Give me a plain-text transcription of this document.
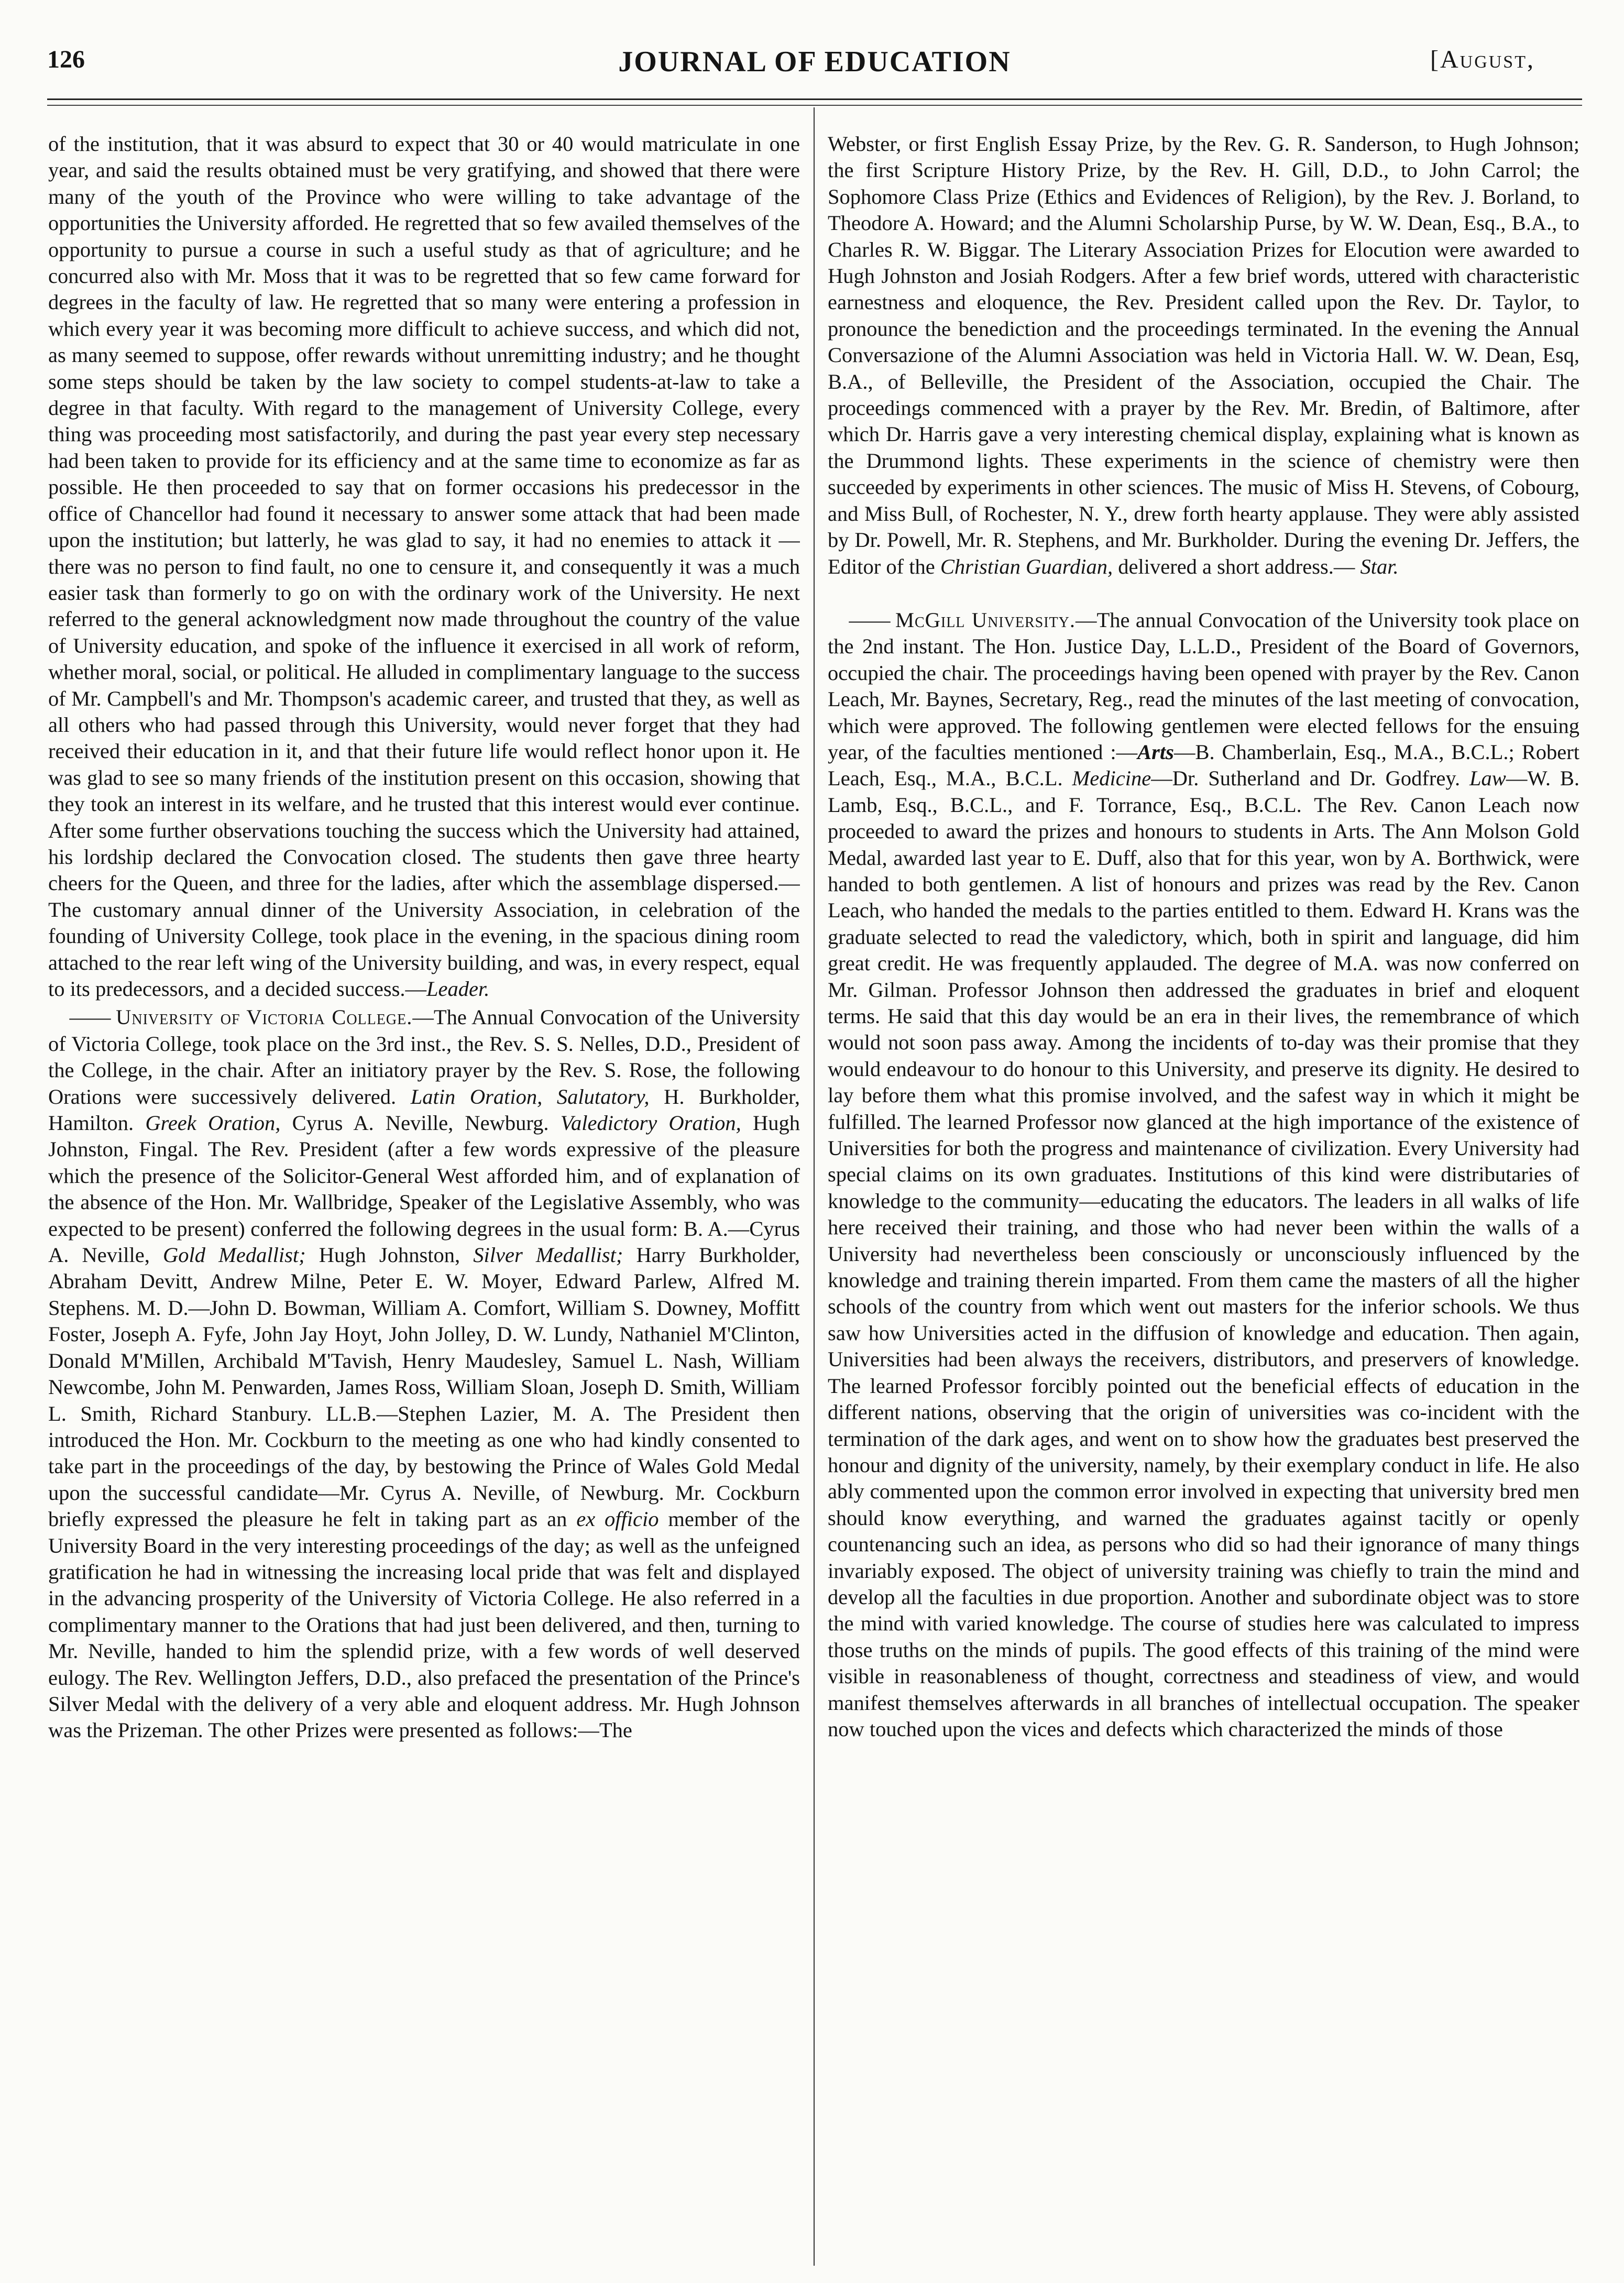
126	JOURNAL OF EDUCATION	[August,

of the institution, that it was absurd to expect that 30 or 40 would matriculate in one year, and said the results obtained must be very gratifying, and showed that there were many of the youth of the Province who were willing to take advantage of the opportunities the University afforded. He regretted that so few availed themselves of the opportunity to pursue a course in such a useful study as that of agriculture; and he concurred also with Mr. Moss that it was to be regretted that so few came forward for degrees in the faculty of law. He regretted that so many were entering a profession in which every year it was becoming more difficult to achieve success, and which did not, as many seemed to suppose, offer rewards without unremitting industry; and he thought some steps should be taken by the law society to compel students-at-law to take a degree in that faculty. With regard to the management of University College, every thing was proceeding most satisfactorily, and during the past year every step necessary had been taken to provide for its efficiency and at the same time to economize as far as possible. He then proceeded to say that on former occasions his predecessor in the office of Chancellor had found it necessary to answer some attack that had been made upon the institution; but latterly, he was glad to say, it had no enemies to attack it —there was no person to find fault, no one to censure it, and consequently it was a much easier task than formerly to go on with the ordinary work of the University. He next referred to the general acknowledgment now made throughout the country of the value of University education, and spoke of the influence it exercised in all work of reform, whether moral, social, or political. He alluded in complimentary language to the success of Mr. Campbell's and Mr. Thompson's academic career, and trusted that they, as well as all others who had passed through this University, would never forget that they had received their education in it, and that their future life would reflect honor upon it. He was glad to see so many friends of the institution present on this occasion, showing that they took an interest in its welfare, and he trusted that this interest would ever continue. After some further observations touching the success which the University had attained, his lordship declared the Convocation closed. The students then gave three hearty cheers for the Queen, and three for the ladies, after which the assemblage dispersed.—The customary annual dinner of the University Association, in celebration of the founding of University College, took place in the evening, in the spacious dining room attached to the rear left wing of the University building, and was, in every respect, equal to its predecessors, and a decided success.—Leader.

 —— University of Victoria College.—The Annual Convocation of the University of Victoria College, took place on the 3rd inst., the Rev. S. S. Nelles, D.D., President of the College, in the chair. After an initiatory prayer by the Rev. S. Rose, the following Orations were successively delivered. Latin Oration, Salutatory, H. Burkholder, Hamilton. Greek Oration, Cyrus A. Neville, Newburg. Valedictory Oration, Hugh Johnston, Fingal. The Rev. President (after a few words expressive of the pleasure which the presence of the Solicitor-General West afforded him, and of explanation of the absence of the Hon. Mr. Wallbridge, Speaker of the Legislative Assembly, who was expected to be present) conferred the following degrees in the usual form: B. A.—Cyrus A. Neville, Gold Medallist; Hugh Johnston, Silver Medallist; Harry Burkholder, Abraham Devitt, Andrew Milne, Peter E. W. Moyer, Edward Parlew, Alfred M. Stephens. M. D.—John D. Bowman, William A. Comfort, William S. Downey, Moffitt Foster, Joseph A. Fyfe, John Jay Hoyt, John Jolley, D. W. Lundy, Nathaniel M'Clinton, Donald M'Millen, Archibald M'Tavish, Henry Maudesley, Samuel L. Nash, William Newcombe, John M. Penwarden, James Ross, William Sloan, Joseph D. Smith, William L. Smith, Richard Stanbury. LL.B.—Stephen Lazier, M. A. The President then introduced the Hon. Mr. Cockburn to the meeting as one who had kindly consented to take part in the proceedings of the day, by bestowing the Prince of Wales Gold Medal upon the successful candidate—Mr. Cyrus A. Neville, of Newburg. Mr. Cockburn briefly expressed the pleasure he felt in taking part as an ex officio member of the University Board in the very interesting proceedings of the day; as well as the unfeigned gratification he had in witnessing the increasing local pride that was felt and displayed in the advancing prosperity of the University of Victoria College. He also referred in a complimentary manner to the Orations that had just been delivered, and then, turning to Mr. Neville, handed to him the splendid prize, with a few words of well deserved eulogy. The Rev. Wellington Jeffers, D.D., also prefaced the presentation of the Prince's Silver Medal with the delivery of a very able and eloquent address. Mr. Hugh Johnson was the Prizeman. The other Prizes were presented as follows:—The

Webster, or first English Essay Prize, by the Rev. G. R. Sanderson, to Hugh Johnson; the first Scripture History Prize, by the Rev. H. Gill, D.D., to John Carrol; the Sophomore Class Prize (Ethics and Evidences of Religion), by the Rev. J. Borland, to Theodore A. Howard; and the Alumni Scholarship Purse, by W. W. Dean, Esq., B.A., to Charles R. W. Biggar. The Literary Association Prizes for Elocution were awarded to Hugh Johnston and Josiah Rodgers. After a few brief words, uttered with characteristic earnestness and eloquence, the Rev. President called upon the Rev. Dr. Taylor, to pronounce the benediction and the proceedings terminated. In the evening the Annual Conversazione of the Alumni Association was held in Victoria Hall. W. W. Dean, Esq, B.A., of Belleville, the President of the Association, occupied the Chair. The proceedings commenced with a prayer by the Rev. Mr. Bredin, of Baltimore, after which Dr. Harris gave a very interesting chemical display, explaining what is known as the Drummond lights. These experiments in the science of chemistry were then succeeded by experiments in other sciences. The music of Miss H. Stevens, of Cobourg, and Miss Bull, of Rochester, N. Y., drew forth hearty applause. They were ably assisted by Dr. Powell, Mr. R. Stephens, and Mr. Burkholder. During the evening Dr. Jeffers, the Editor of the Christian Guardian, delivered a short address.— Star.

 —— McGill University.—The annual Convocation of the University took place on the 2nd instant. The Hon. Justice Day, L.L.D., President of the Board of Governors, occupied the chair. The proceedings having been opened with prayer by the Rev. Canon Leach, Mr. Baynes, Secretary, Reg., read the minutes of the last meeting of convocation, which were approved. The following gentlemen were elected fellows for the ensuing year, of the faculties mentioned :—Arts—B. Chamberlain, Esq., M.A., B.C.L.; Robert Leach, Esq., M.A., B.C.L. Medicine—Dr. Sutherland and Dr. Godfrey. Law—W. B. Lamb, Esq., B.C.L., and F. Torrance, Esq., B.C.L. The Rev. Canon Leach now proceeded to award the prizes and honours to students in Arts. The Ann Molson Gold Medal, awarded last year to E. Duff, also that for this year, won by A. Borthwick, were handed to both gentlemen. A list of honours and prizes was read by the Rev. Canon Leach, who handed the medals to the parties entitled to them. Edward H. Krans was the graduate selected to read the valedictory, which, both in spirit and language, did him great credit. He was frequently applauded. The degree of M.A. was now conferred on Mr. Gilman. Professor Johnson then addressed the graduates in brief and eloquent terms. He said that this day would be an era in their lives, the remembrance of which would not soon pass away. Among the incidents of to-day was their promise that they would endeavour to do honour to this University, and preserve its dignity. He desired to lay before them what this promise involved, and the safest way in which it might be fulfilled. The learned Professor now glanced at the high importance of the existence of Universities for both the progress and maintenance of civilization. Every University had special claims on its own graduates. Institutions of this kind were distributaries of knowledge to the community—educating the educators. The leaders in all walks of life here received their training, and those who had never been within the walls of a University had nevertheless been consciously or unconsciously influenced by the knowledge and training therein imparted. From them came the masters of all the higher schools of the country from which went out masters for the inferior schools. We thus saw how Universities acted in the diffusion of knowledge and education. Then again, Universities had been always the receivers, distributors, and preservers of knowledge. The learned Professor forcibly pointed out the beneficial effects of education in the different nations, observing that the origin of universities was co-incident with the termination of the dark ages, and went on to show how the graduates best preserved the honour and dignity of the university, namely, by their exemplary conduct in life. He also ably commented upon the common error involved in expecting that university bred men should know everything, and warned the graduates against tacitly or openly countenancing such an idea, as persons who did so had their ignorance of many things invariably exposed. The object of university training was chiefly to train the mind and develop all the faculties in due proportion. Another and subordinate object was to store the mind with varied knowledge. The course of studies here was calculated to impress those truths on the minds of pupils. The good effects of this training of the mind were visible in reasonableness of thought, correctness and steadiness of view, and would manifest themselves afterwards in all branches of intellectual occupation. The speaker now touched upon the vices and defects which characterized the minds of those
